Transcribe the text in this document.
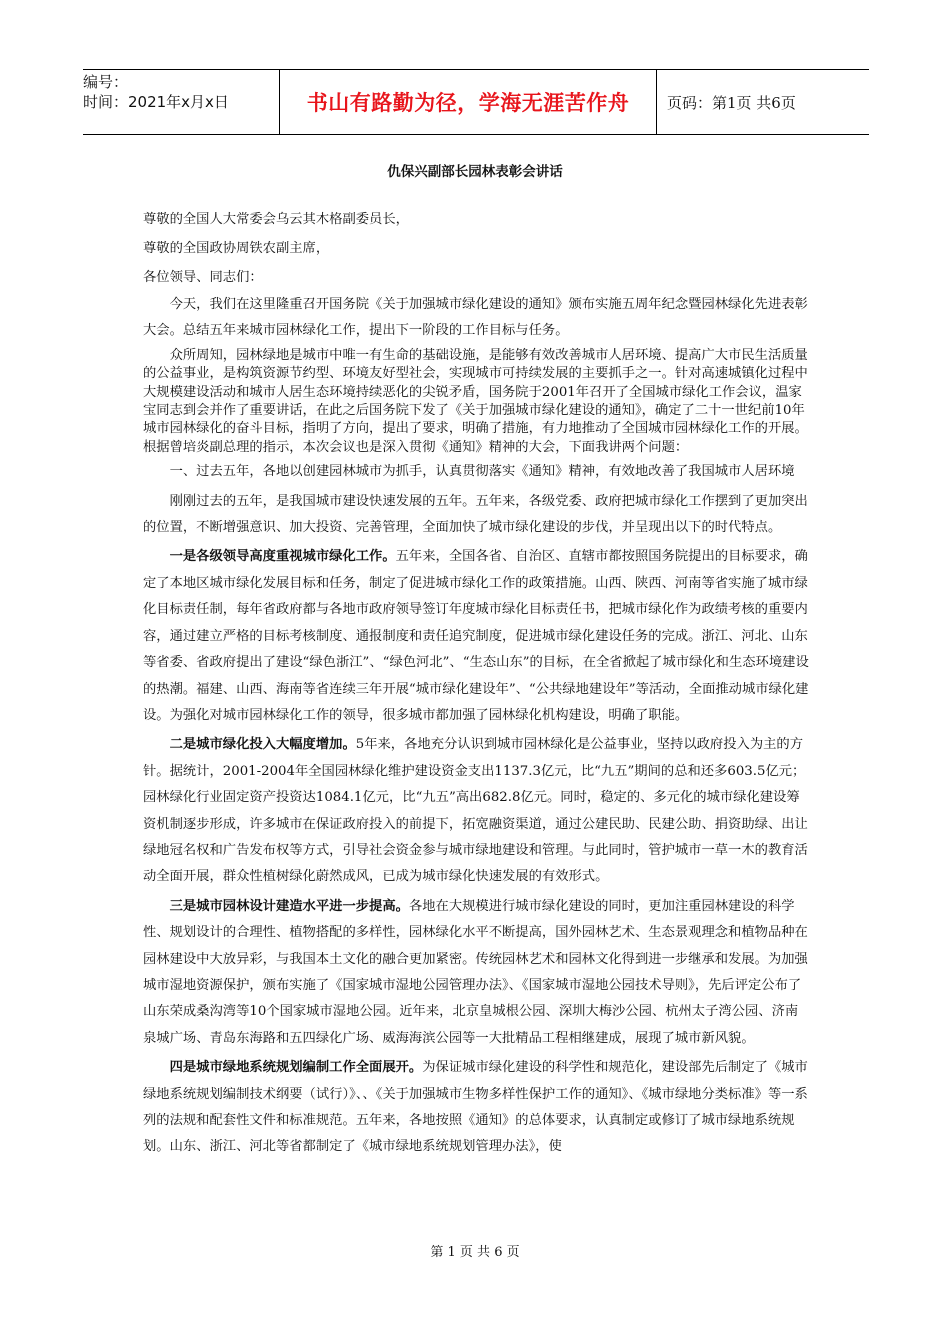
编号：
时间：2021年x月x日	书山有路勤为径，学海无涯苦作舟	页码：第1页 共6页
仇保兴副部长园林表彰会讲话

尊敬的全国人大常委会乌云其木格副委员长，

尊敬的全国政协周铁农副主席，

各位领导、同志们：

今天，我们在这里隆重召开国务院《关于加强城市绿化建设的通知》颁布实施五周年纪念暨园林绿化先进表彰大会。总结五年来城市园林绿化工作，提出下一阶段的工作目标与任务。

众所周知，园林绿地是城市中唯一有生命的基础设施，是能够有效改善城市人居环境、提高广大市民生活质量的公益事业，是构筑资源节约型、环境友好型社会，实现城市可持续发展的主要抓手之一。针对高速城镇化过程中大规模建设活动和城市人居生态环境持续恶化的尖锐矛盾，国务院于2001年召开了全国城市绿化工作会议，温家宝同志到会并作了重要讲话，在此之后国务院下发了《关于加强城市绿化建设的通知》，确定了二十一世纪前10年城市园林绿化的奋斗目标，指明了方向，提出了要求，明确了措施，有力地推动了全国城市园林绿化工作的开展。根据曾培炎副总理的指示，本次会议也是深入贯彻《通知》精神的大会，下面我讲两个问题：

一、过去五年，各地以创建园林城市为抓手，认真贯彻落实《通知》精神，有效地改善了我国城市人居环境

刚刚过去的五年，是我国城市建设快速发展的五年。五年来，各级党委、政府把城市绿化工作摆到了更加突出的位置，不断增强意识、加大投资、完善管理，全面加快了城市绿化建设的步伐，并呈现出以下的时代特点。

一是各级领导高度重视城市绿化工作。五年来，全国各省、自治区、直辖市都按照国务院提出的目标要求，确定了本地区城市绿化发展目标和任务，制定了促进城市绿化工作的政策措施。山西、陕西、河南等省实施了城市绿化目标责任制，每年省政府都与各地市政府领导签订年度城市绿化目标责任书，把城市绿化作为政绩考核的重要内容，通过建立严格的目标考核制度、通报制度和责任追究制度，促进城市绿化建设任务的完成。浙江、河北、山东等省委、省政府提出了建设“绿色浙江”、“绿色河北”、“生态山东”的目标，在全省掀起了城市绿化和生态环境建设的热潮。福建、山西、海南等省连续三年开展“城市绿化建设年”、“公共绿地建设年”等活动，全面推动城市绿化建设。为强化对城市园林绿化工作的领导，很多城市都加强了园林绿化机构建设，明确了职能。

二是城市绿化投入大幅度增加。5年来，各地充分认识到城市园林绿化是公益事业，坚持以政府投入为主的方针。据统计，2001-2004年全国园林绿化维护建设资金支出1137.3亿元，比“九五”期间的总和还多603.5亿元；园林绿化行业固定资产投资达1084.1亿元，比“九五”高出682.8亿元。同时，稳定的、多元化的城市绿化建设筹资机制逐步形成，许多城市在保证政府投入的前提下，拓宽融资渠道，通过公建民助、民建公助、捐资助绿、出让绿地冠名权和广告发布权等方式，引导社会资金参与城市绿地建设和管理。与此同时，管护城市一草一木的教育活动全面开展，群众性植树绿化蔚然成风，已成为城市绿化快速发展的有效形式。

三是城市园林设计建造水平进一步提高。各地在大规模进行城市绿化建设的同时，更加注重园林建设的科学性、规划设计的合理性、植物搭配的多样性，园林绿化水平不断提高，国外园林艺术、生态景观理念和植物品种在园林建设中大放异彩，与我国本土文化的融合更加紧密。传统园林艺术和园林文化得到进一步继承和发展。为加强城市湿地资源保护，颁布实施了《国家城市湿地公园管理办法》、《国家城市湿地公园技术导则》，先后评定公布了山东荣成桑沟湾等10个国家城市湿地公园。近年来，北京皇城根公园、深圳大梅沙公园、杭州太子湾公园、济南泉城广场、青岛东海路和五四绿化广场、威海海滨公园等一大批精品工程相继建成，展现了城市新风貌。

四是城市绿地系统规划编制工作全面展开。为保证城市绿化建设的科学性和规范化，建设部先后制定了《城市绿地系统规划编制技术纲要（试行）》、、《关于加强城市生物多样性保护工作的通知》、《城市绿地分类标准》等一系列的法规和配套性文件和标准规范。五年来，各地按照《通知》的总体要求，认真制定或修订了城市绿地系统规划。山东、浙江、河北等省都制定了《城市绿地系统规划管理办法》，使

第 1 页 共 6 页
